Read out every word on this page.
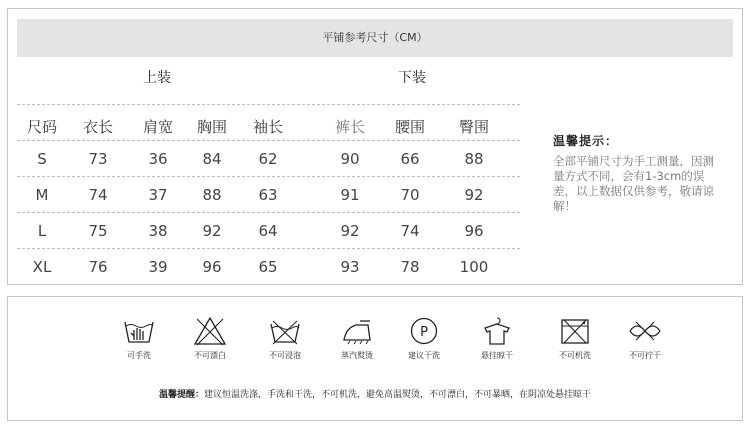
平铺参考尺寸（CM）
上装	下装
尺码	衣长	肩宽	胸围	袖长	裤长	腰围	臀围
S	73	36	84	62	90	66	88
M	74	37	88	63	91	70	92
L	75	38	92	64	92	74	96
XL	76	39	96	65	93	78	100
温馨提示：
全部平铺尺寸为手工测量，因测量方式不同，会有1-3cm的误差，以上数据仅供参考，敬请谅解！
可手洗	不可漂白	不可浸泡	蒸汽熨烫
P
建议干洗	悬挂晾干	不可机洗	不可拧干
温馨提醒：建议恒温洗涤，手洗和干洗，不可机洗，避免高温熨烫，不可漂白，不可暴晒，在阴凉处悬挂晾干
